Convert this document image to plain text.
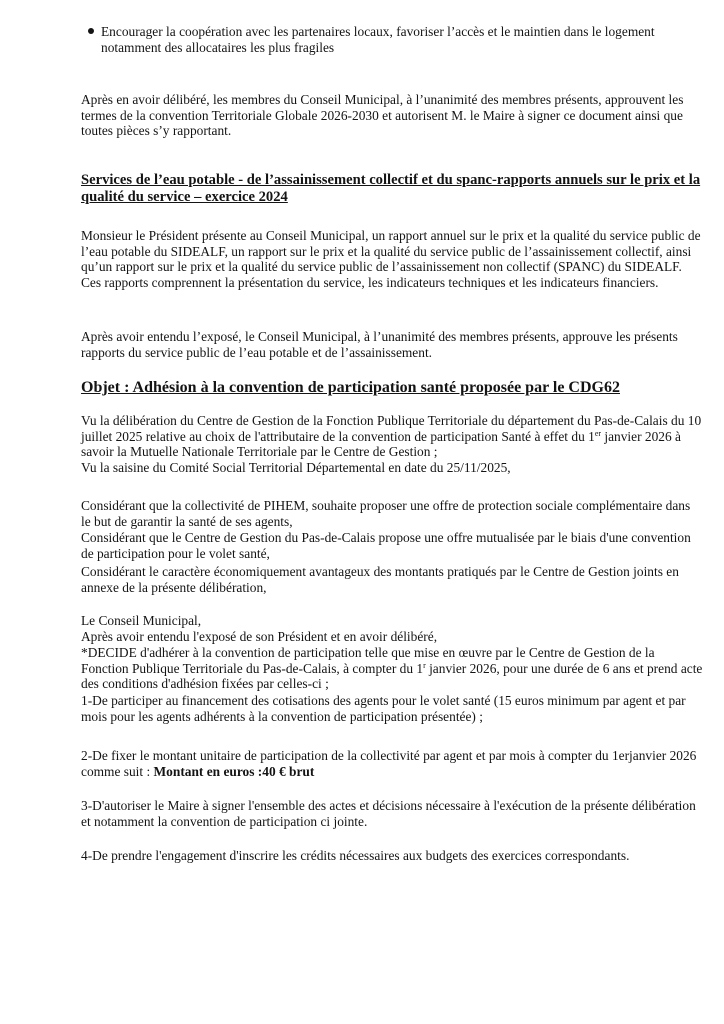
Encourager la coopération avec les partenaires locaux, favoriser l’accès et le maintien dans le logement notamment des allocataires les plus fragiles

Après en avoir délibéré, les membres du Conseil Municipal, à l’unanimité des membres présents, approuvent les termes de la convention Territoriale Globale 2026-2030 et autorisent M. le Maire à signer ce document ainsi que toutes pièces s’y rapportant.

Services de l’eau potable - de l’assainissement collectif et du spanc-rapports annuels sur le prix et la qualité du service – exercice 2024

Monsieur le Président présente au Conseil Municipal, un rapport annuel sur le prix et la qualité du service public de l’eau potable du SIDEALF, un rapport sur le prix et la qualité du service public de l’assainissement collectif, ainsi qu’un rapport sur le prix et la qualité du service public de l’assainissement non collectif (SPANC) du SIDEALF. Ces rapports comprennent la présentation du service, les indicateurs techniques et les indicateurs financiers.

Après avoir entendu l’exposé, le Conseil Municipal, à l’unanimité des membres présents, approuve les présents rapports du service public de l’eau potable et de l’assainissement.

Objet : Adhésion à la convention de participation santé proposée par le CDG62

Vu la délibération du Centre de Gestion de la Fonction Publique Territoriale du département du Pas-de-Calais du 10 juillet 2025 relative au choix de l'attributaire de la convention de participation Santé à effet du 1er janvier 2026 à savoir la Mutuelle Nationale Territoriale par le Centre de Gestion ;

Vu la saisine du Comité Social Territorial Départemental en date du 25/11/2025,

Considérant que la collectivité de PIHEM, souhaite proposer une offre de protection sociale complémentaire dans le but de garantir la santé de ses agents,

Considérant que le Centre de Gestion du Pas-de-Calais propose une offre mutualisée par le biais d'une convention de participation pour le volet santé,

Considérant le caractère économiquement avantageux des montants pratiqués par le Centre de Gestion joints en annexe de la présente délibération,

Le Conseil Municipal,

Après avoir entendu l'exposé de son Président et en avoir délibéré,

*DECIDE d'adhérer à la convention de participation telle que mise en œuvre par le Centre de Gestion de la Fonction Publique Territoriale du Pas-de-Calais, à compter du 1$^r$ janvier 2026, pour une durée de 6 ans et prend acte des conditions d'adhésion fixées par celles-ci ;

1-De participer au financement des cotisations des agents pour le volet santé (15 euros minimum par agent et par mois pour les agents adhérents à la convention de participation présentée) ;

2-De fixer le montant unitaire de participation de la collectivité par agent et par mois à compter du 1erjanvier 2026 comme suit : Montant en euros :40 € brut

3-D'autoriser le Maire à signer l'ensemble des actes et décisions nécessaire à l'exécution de la présente délibération et notamment la convention de participation ci jointe.

4-De prendre l'engagement d'inscrire les crédits nécessaires aux budgets des exercices correspondants.
